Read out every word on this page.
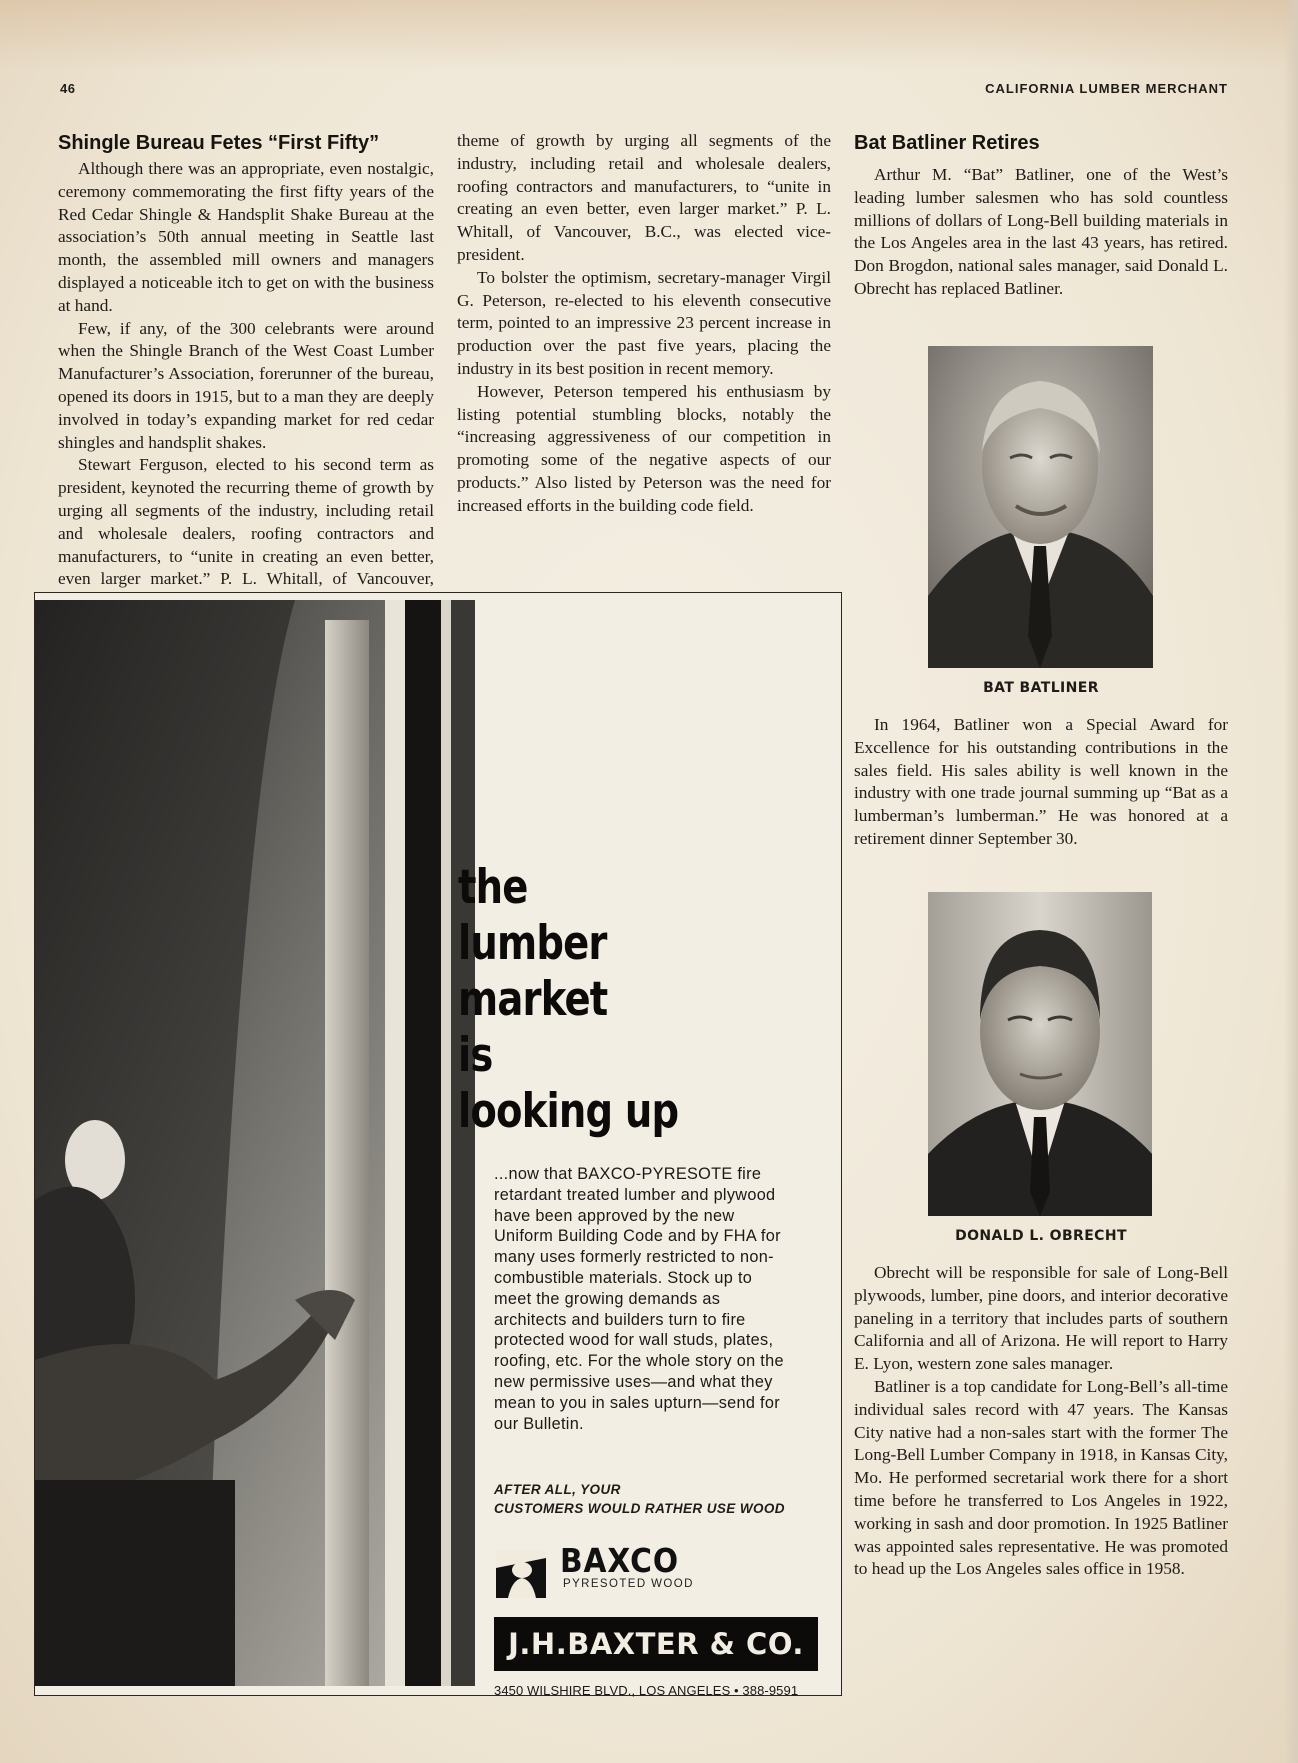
46	CALIFORNIA LUMBER MERCHANT
Shingle Bureau Fetes “First Fifty”

Although there was an appropriate, even nostalgic, ceremony commemorating the first fifty years of the Red Cedar Shingle & Handsplit Shake Bureau at the association’s 50th annual meeting in Seattle last month, the assembled mill owners and managers displayed a noticeable itch to get on with the business at hand.

Few, if any, of the 300 celebrants were around when the Shingle Branch of the West Coast Lumber Manufacturer’s Association, forerunner of the bureau, opened its doors in 1915, but to a man they are deeply involved in today’s expanding market for red cedar shingles and handsplit shakes.

Stewart Ferguson, elected to his second term as president, keynoted the recurring theme of growth by urging all segments of the industry, including retail and wholesale dealers, roofing contractors and manufacturers, to “unite in creating an even better, even larger market.” P. L. Whitall, of Vancouver,

theme of growth by urging all segments of the industry, including retail and wholesale dealers, roofing contractors and manufacturers, to “unite in creating an even better, even larger market.” P. L. Whitall, of Vancouver, B.C., was elected vice-president.

To bolster the optimism, secretary-manager Virgil G. Peterson, re-elected to his eleventh consecutive term, pointed to an impressive 23 percent increase in production over the past five years, placing the industry in its best position in recent memory.

However, Peterson tempered his enthusiasm by listing potential stumbling blocks, notably the “increasing aggressiveness of our competition in promoting some of the negative aspects of our products.” Also listed by Peterson was the need for increased efforts in the building code field.

Bat Batliner Retires

Arthur M. “Bat” Batliner, one of the West’s leading lumber salesmen who has sold countless millions of dollars of Long-Bell building materials in the Los Angeles area in the last 43 years, has retired. Don Brogdon, national sales manager, said Donald L. Obrecht has replaced Batliner.

BAT BATLINER

In 1964, Batliner won a Special Award for Excellence for his outstanding contributions in the sales field. His sales ability is well known in the industry with one trade journal summing up “Bat as a lumberman’s lumberman.” He was honored at a retirement dinner September 30.

DONALD L. OBRECHT

Obrecht will be responsible for sale of Long-Bell plywoods, lumber, pine doors, and interior decorative paneling in a territory that includes parts of southern California and all of Arizona. He will report to Harry E. Lyon, western zone sales manager.

Batliner is a top candidate for Long-Bell’s all-time individual sales record with 47 years. The Kansas City native had a non-sales start with the former The Long-Bell Lumber Company in 1918, in Kansas City, Mo. He performed secretarial work there for a short time before he transferred to Los Angeles in 1922, working in sash and door promotion. In 1925 Batliner was appointed sales representative. He was promoted to head up the Los Angeles sales office in 1958.

the
lumber
market
is
looking up

...now that BAXCO-PYRESOTE fire retardant treated lumber and plywood have been approved by the new Uniform Building Code and by FHA for many uses formerly restricted to non-combustible materials. Stock up to meet the growing demands as architects and builders turn to fire protected wood for wall studs, plates, roofing, etc. For the whole story on the new permissive uses—and what they mean to you in sales upturn—send for our Bulletin.

AFTER ALL, YOUR
CUSTOMERS WOULD RATHER USE WOOD
BAXCO
PYRESOTED WOOD
J.H.BAXTER & CO.
3450 WILSHIRE BLVD., LOS ANGELES • 388-9591
